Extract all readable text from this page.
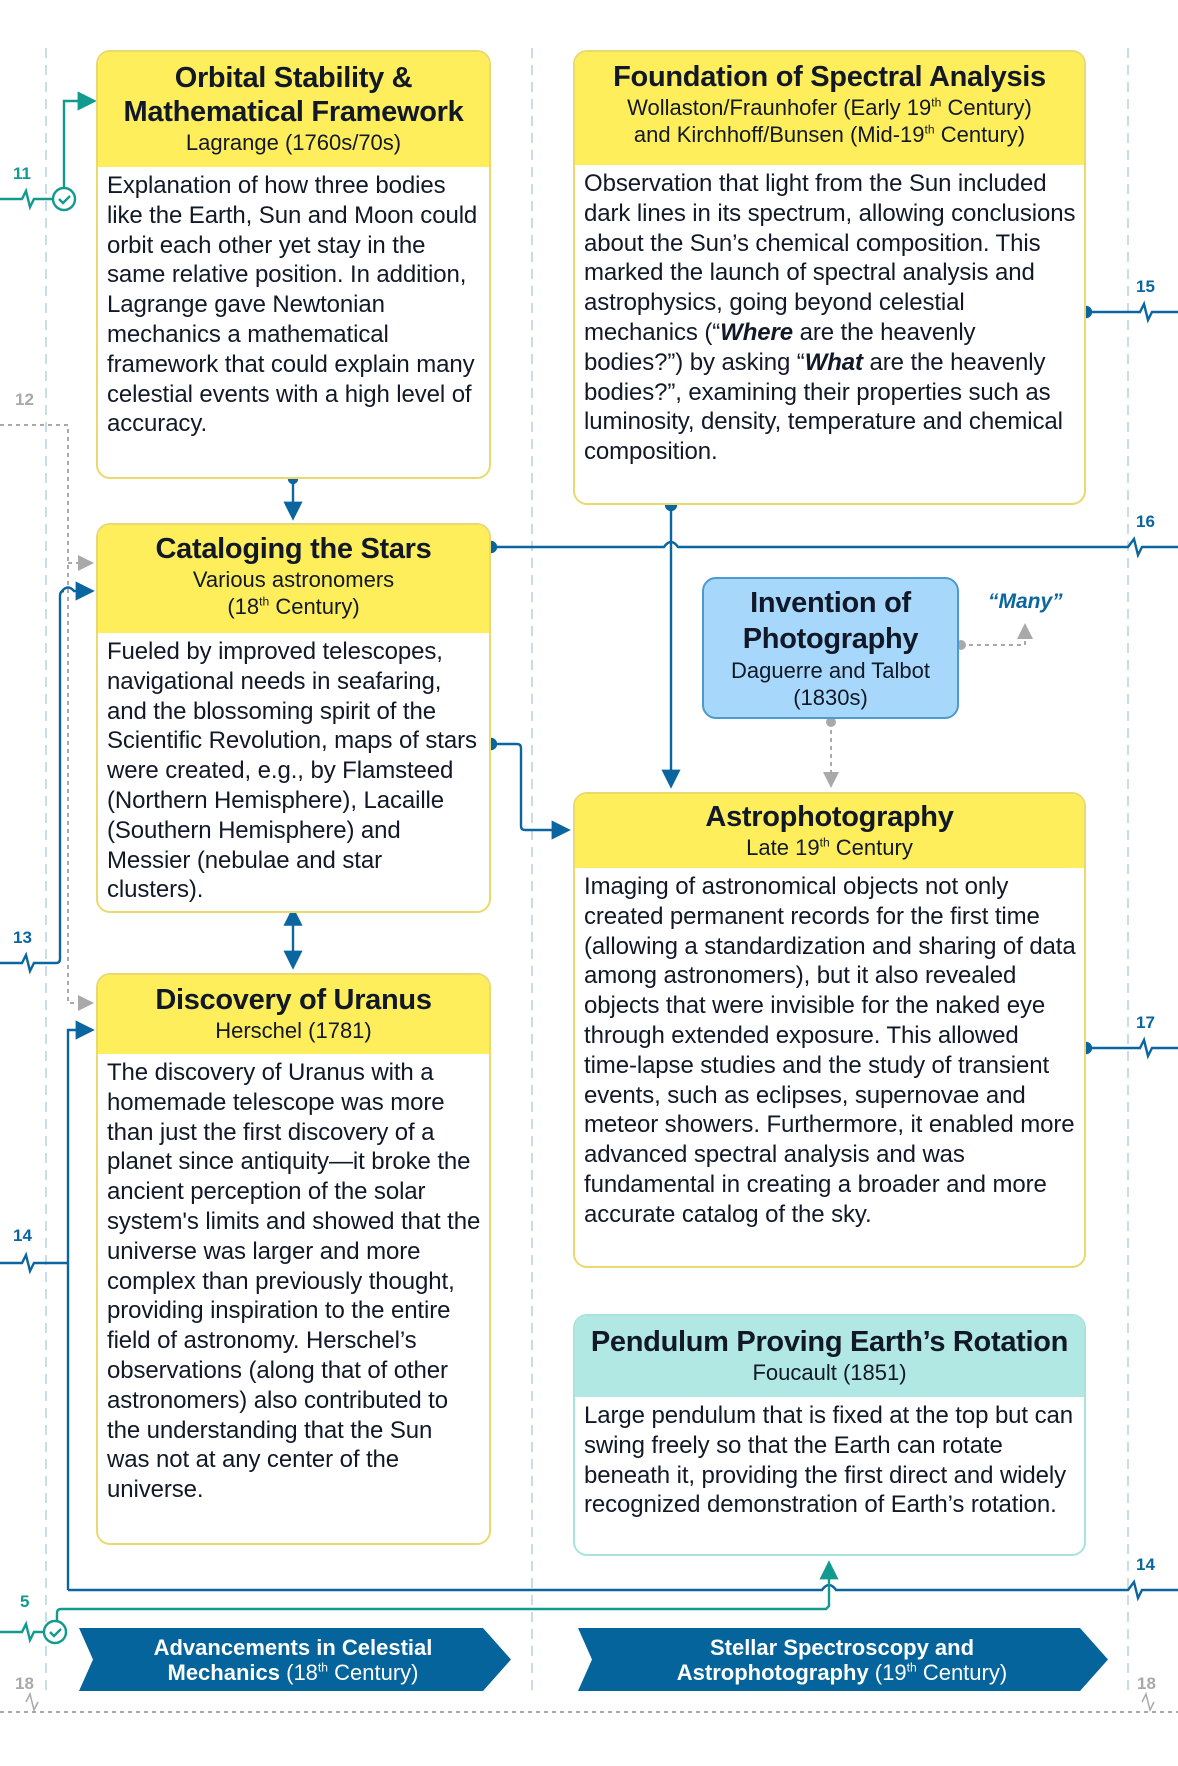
11
12
13
14
5
18
15
16
17
14
18
Orbital Stability & Mathematical Framework
Lagrange (1760s/70s)
Explanation of how three bodies like the Earth, Sun and Moon could orbit each other yet stay in the same relative position. In addition, Lagrange gave Newtonian mechanics a mathematical framework that could explain many celestial events with a high level of accuracy.
Foundation of Spectral Analysis
Wollaston/Fraunhofer (Early 19th Century)
and Kirchhoff/Bunsen (Mid-19th Century)
Observation that light from the Sun included dark lines in its spectrum, allowing conclusions about the Sun’s chemical composition. This marked the launch of spectral analysis and astrophysics, going beyond celestial mechanics (“Where are the heavenly bodies?”) by asking “What are the heavenly bodies?”, examining their properties such as luminosity, density, temperature and chemical composition.
Cataloging the Stars
Various astronomers
(18th Century)
Fueled by improved telescopes, navigational needs in seafaring, and the blossoming spirit of the Scientific Revolution, maps of stars were created, e.g., by Flamsteed (Northern Hemisphere), Lacaille (Southern Hemisphere) and Messier (nebulae and star clusters).
Invention of Photography
Daguerre and Talbot
(1830s)
“Many”
Astrophotography
Late 19th Century
Imaging of astronomical objects not only created permanent records for the first time (allowing a standardization and sharing of data among astronomers), but it also revealed objects that were invisible for the naked eye through extended exposure. This allowed time-lapse studies and the study of transient events, such as eclipses, supernovae and meteor showers. Furthermore, it enabled more advanced spectral analysis and was fundamental in creating a broader and more accurate catalog of the sky.
Discovery of Uranus
Herschel (1781)
The discovery of Uranus with a homemade telescope was more than just the first discovery of a planet since antiquity—it broke the ancient perception of the solar system's limits and showed that the universe was larger and more complex than previously thought, providing inspiration to the entire field of astronomy. Herschel’s observations (along that of other astronomers) also contributed to the understanding that the Sun was not at any center of the universe.
Pendulum Proving Earth’s Rotation
Foucault (1851)
Large pendulum that is fixed at the top but can swing freely so that the Earth can rotate beneath it, providing the first direct and widely recognized demonstration of Earth’s rotation.
Advancements in Celestial
Mechanics (18th Century)
Stellar Spectroscopy and
Astrophotography (19th Century)
